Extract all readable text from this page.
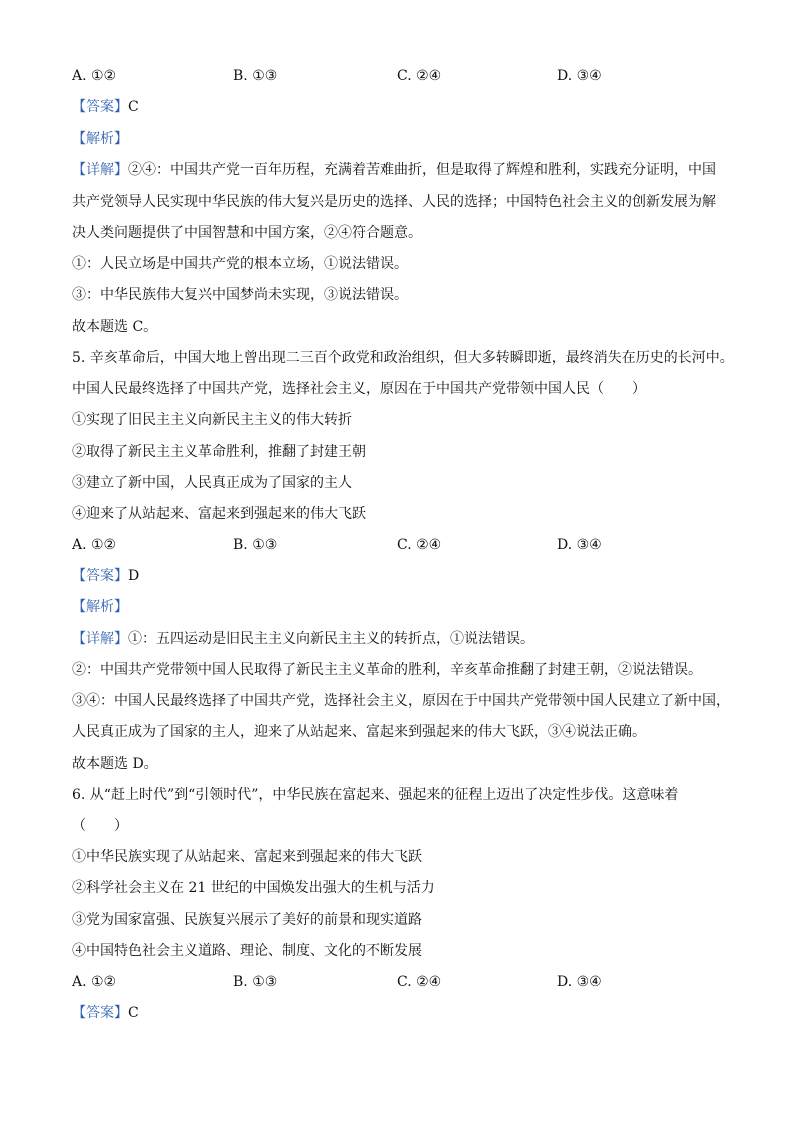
A. ①②	B. ①③	C. ②④	D. ③④
【答案】C
【解析】
【详解】②④：中国共产党一百年历程，充满着苦难曲折，但是取得了辉煌和胜利，实践充分证明，中国
共产党领导人民实现中华民族的伟大复兴是历史的选择、人民的选择；中国特色社会主义的创新发展为解
决人类问题提供了中国智慧和中国方案，②④符合题意。
①：人民立场是中国共产党的根本立场，①说法错误。
③：中华民族伟大复兴中国梦尚未实现，③说法错误。
故本题选 C。
5. 辛亥革命后，中国大地上曾出现二三百个政党和政治组织，但大多转瞬即逝，最终消失在历史的长河中。
中国人民最终选择了中国共产党，选择社会主义，原因在于中国共产党带领中国人民（　　）
①实现了旧民主主义向新民主主义的伟大转折
②取得了新民主主义革命胜利，推翻了封建王朝
③建立了新中国，人民真正成为了国家的主人
④迎来了从站起来、富起来到强起来的伟大飞跃
A. ①②	B. ①③	C. ②④	D. ③④
【答案】D
【解析】
【详解】①：五四运动是旧民主主义向新民主主义的转折点，①说法错误。
②：中国共产党带领中国人民取得了新民主主义革命的胜利，辛亥革命推翻了封建王朝，②说法错误。
③④：中国人民最终选择了中国共产党，选择社会主义，原因在于中国共产党带领中国人民建立了新中国，
人民真正成为了国家的主人，迎来了从站起来、富起来到强起来的伟大飞跃，③④说法正确。
故本题选 D。
6. 从“赶上时代”到“引领时代”，中华民族在富起来、强起来的征程上迈出了决定性步伐。这意味着
（　　）
①中华民族实现了从站起来、富起来到强起来的伟大飞跃
②科学社会主义在 21 世纪的中国焕发出强大的生机与活力
③党为国家富强、民族复兴展示了美好的前景和现实道路
④中国特色社会主义道路、理论、制度、文化的不断发展
A. ①②	B. ①③	C. ②④	D. ③④
【答案】C
